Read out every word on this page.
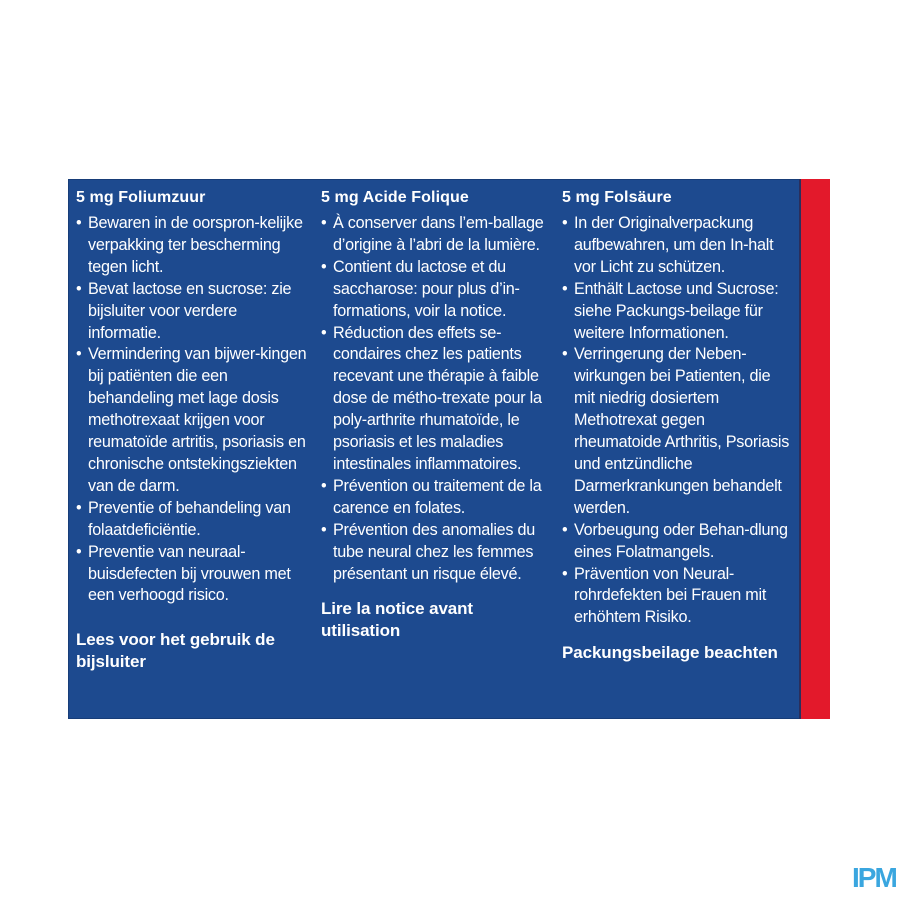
5 mg Foliumzuur
• Bewaren in de oorspron-kelijke verpakking ter bescherming tegen licht.
• Bevat lactose en sucrose: zie bijsluiter voor verdere informatie.
• Vermindering van bijwer-kingen bij patiënten die een behandeling met lage dosis methotrexaat krijgen voor reumatoïde artritis, psoriasis en chronische ontstekingsziekten van de darm.
• Preventie of behandeling van folaatdeficiëntie.
• Preventie van neuraal-buisdefecten bij vrouwen met een verhoogd risico.
Lees voor het gebruik de bijsluiter
5 mg Acide Folique
• À conserver dans l’em-ballage d’origine à l’abri de la lumière.
• Contient du lactose et du saccharose: pour plus d’in-formations, voir la notice.
• Réduction des effets se-condaires chez les patients recevant une thérapie à faible dose de métho-trexate pour la poly-arthrite rhumatoïde, le psoriasis et les maladies intestinales inflammatoires.
• Prévention ou traitement de la carence en folates.
• Prévention des anomalies du tube neural chez les femmes présentant un risque élevé.
Lire la notice avant utilisation
5 mg Folsäure
• In der Originalverpackung aufbewahren, um den In-halt vor Licht zu schützen.
• Enthält Lactose und Sucrose: siehe Packungs-beilage für weitere Informationen.
• Verringerung der Neben-wirkungen bei Patienten, die mit niedrig dosiertem Methotrexat gegen rheumatoide Arthritis, Psoriasis und entzündliche Darmerkrankungen behandelt werden.
• Vorbeugung oder Behan-dlung eines Folatmangels.
• Prävention von Neural-rohrdefekten bei Frauen mit erhöhtem Risiko.
Packungsbeilage beachten
IPM
